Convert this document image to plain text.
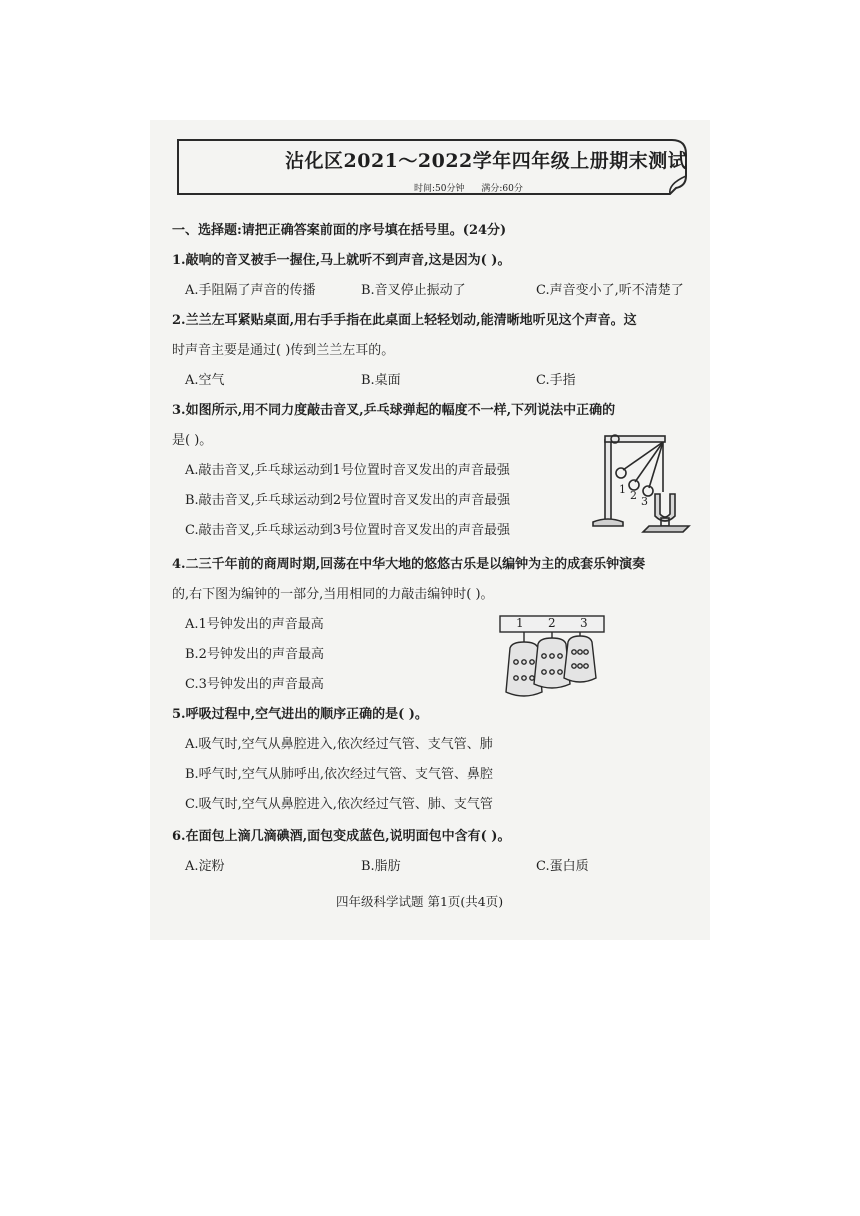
沾化区2021～2022学年四年级上册期末测试
时间:50分钟 满分:60分
一、选择题:请把正确答案前面的序号填在括号里。(24分)
1.敲响的音叉被手一握住,马上就听不到声音,这是因为( )。
A.手阻隔了声音的传播	B.音叉停止振动了	C.声音变小了,听不清楚了
2.兰兰左耳紧贴桌面,用右手手指在此桌面上轻轻划动,能清晰地听见这个声音。这
时声音主要是通过( )传到兰兰左耳的。
A.空气	B.桌面	C.手指
3.如图所示,用不同力度敲击音叉,乒乓球弹起的幅度不一样,下列说法中正确的
是( )。
A.敲击音叉,乒乓球运动到1号位置时音叉发出的声音最强
B.敲击音叉,乒乓球运动到2号位置时音叉发出的声音最强
C.敲击音叉,乒乓球运动到3号位置时音叉发出的声音最强
1 2 3
4.二三千年前的商周时期,回荡在中华大地的悠悠古乐是以编钟为主的成套乐钟演奏
的,右下图为编钟的一部分,当用相同的力敲击编钟时( )。
A.1号钟发出的声音最高
B.2号钟发出的声音最高
C.3号钟发出的声音最高
1 2 3
5.呼吸过程中,空气进出的顺序正确的是( )。
A.吸气时,空气从鼻腔进入,依次经过气管、支气管、肺
B.呼气时,空气从肺呼出,依次经过气管、支气管、鼻腔
C.吸气时,空气从鼻腔进入,依次经过气管、肺、支气管
6.在面包上滴几滴碘酒,面包变成蓝色,说明面包中含有( )。
A.淀粉	B.脂肪	C.蛋白质
四年级科学试题 第1页(共4页)
